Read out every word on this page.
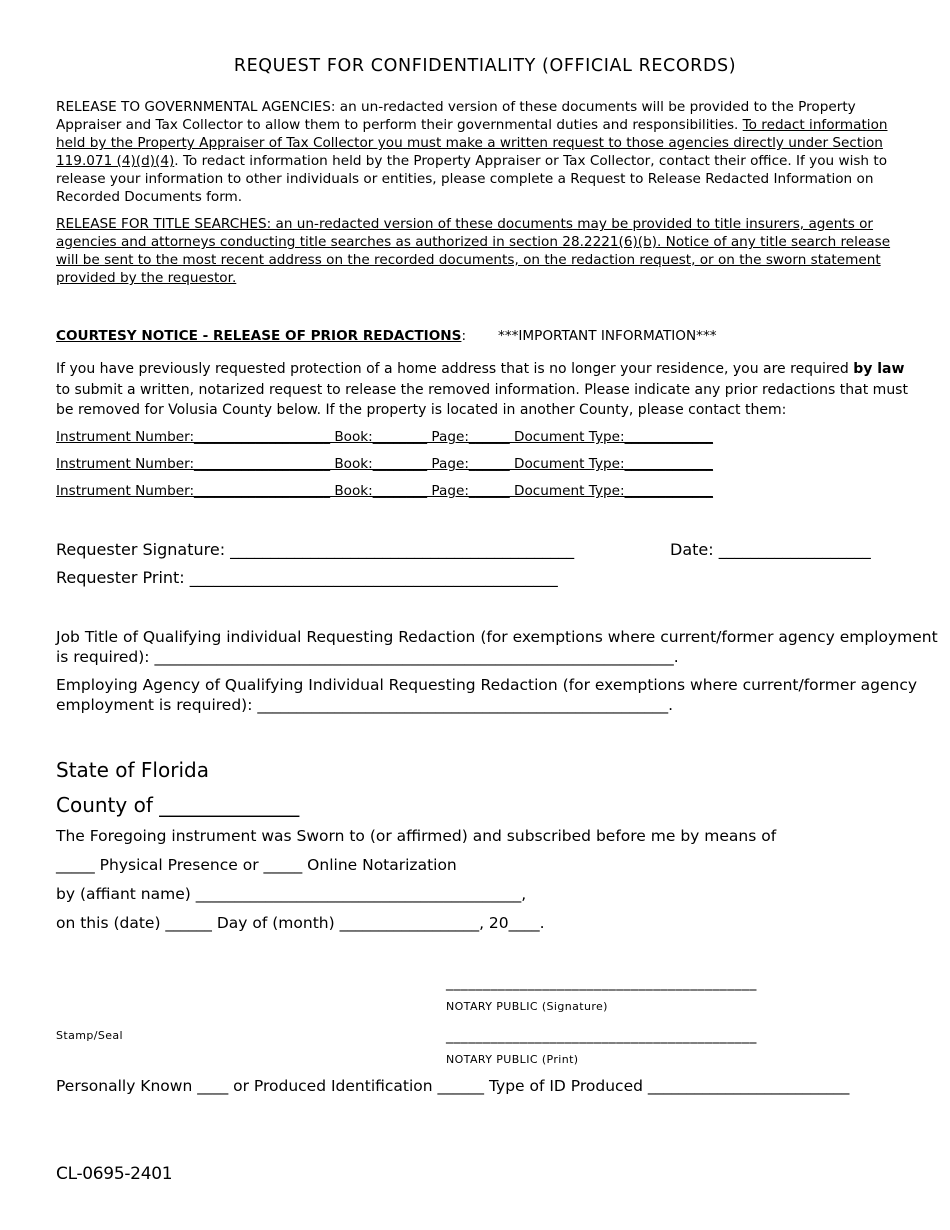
REQUEST FOR CONFIDENTIALITY (OFFICIAL RECORDS)
RELEASE TO GOVERNMENTAL AGENCIES: an un-redacted version of these documents will be provided to the Property Appraiser and Tax Collector to allow them to perform their governmental duties and responsibilities. To redact information held by the Property Appraiser of Tax Collector you must make a written request to those agencies directly under Section 119.071 (4)(d)(4). To redact information held by the Property Appraiser or Tax Collector, contact their office. If you wish to release your information to other individuals or entities, please complete a Request to Release Redacted Information on Recorded Documents form.
RELEASE FOR TITLE SEARCHES: an un-redacted version of these documents may be provided to title insurers, agents or agencies and attorneys conducting title searches as authorized in section 28.2221(6)(b). Notice of any title search release will be sent to the most recent address on the recorded documents, on the redaction request, or on the sworn statement provided by the requestor.
COURTESY NOTICE - RELEASE OF PRIOR REDACTIONS: ***IMPORTANT INFORMATION***
If you have previously requested protection of a home address that is no longer your residence, you are required by law to submit a written, notarized request to release the removed information. Please indicate any prior redactions that must be removed for Volusia County below. If the property is located in another County, please contact them:
Instrument Number:____________________ Book:________ Page:______ Document Type:_____________
Instrument Number:____________________ Book:________ Page:______ Document Type:_____________
Instrument Number:____________________ Book:________ Page:______ Document Type:_____________
Requester Signature: ___________________________________________	Date: ___________________
Requester Print: ______________________________________________
Job Title of Qualifying individual Requesting Redaction (for exemptions where current/former agency employment
is required): ___________________________________________________________________.
Employing Agency of Qualifying Individual Requesting Redaction (for exemptions where current/former agency
employment is required): _____________________________________________________.
State of Florida
County of ______________
The Foregoing instrument was Sworn to (or affirmed) and subscribed before me by means of
_____ Physical Presence or _____ Online Notarization
by (affiant name) __________________________________________,
on this (date) ______ Day of (month) __________________, 20____.
__________________________________________
NOTARY PUBLIC (Signature)
Stamp/Seal	__________________________________________
NOTARY PUBLIC (Print)
Personally Known ____ or Produced Identification ______ Type of ID Produced __________________________
CL-0695-2401
